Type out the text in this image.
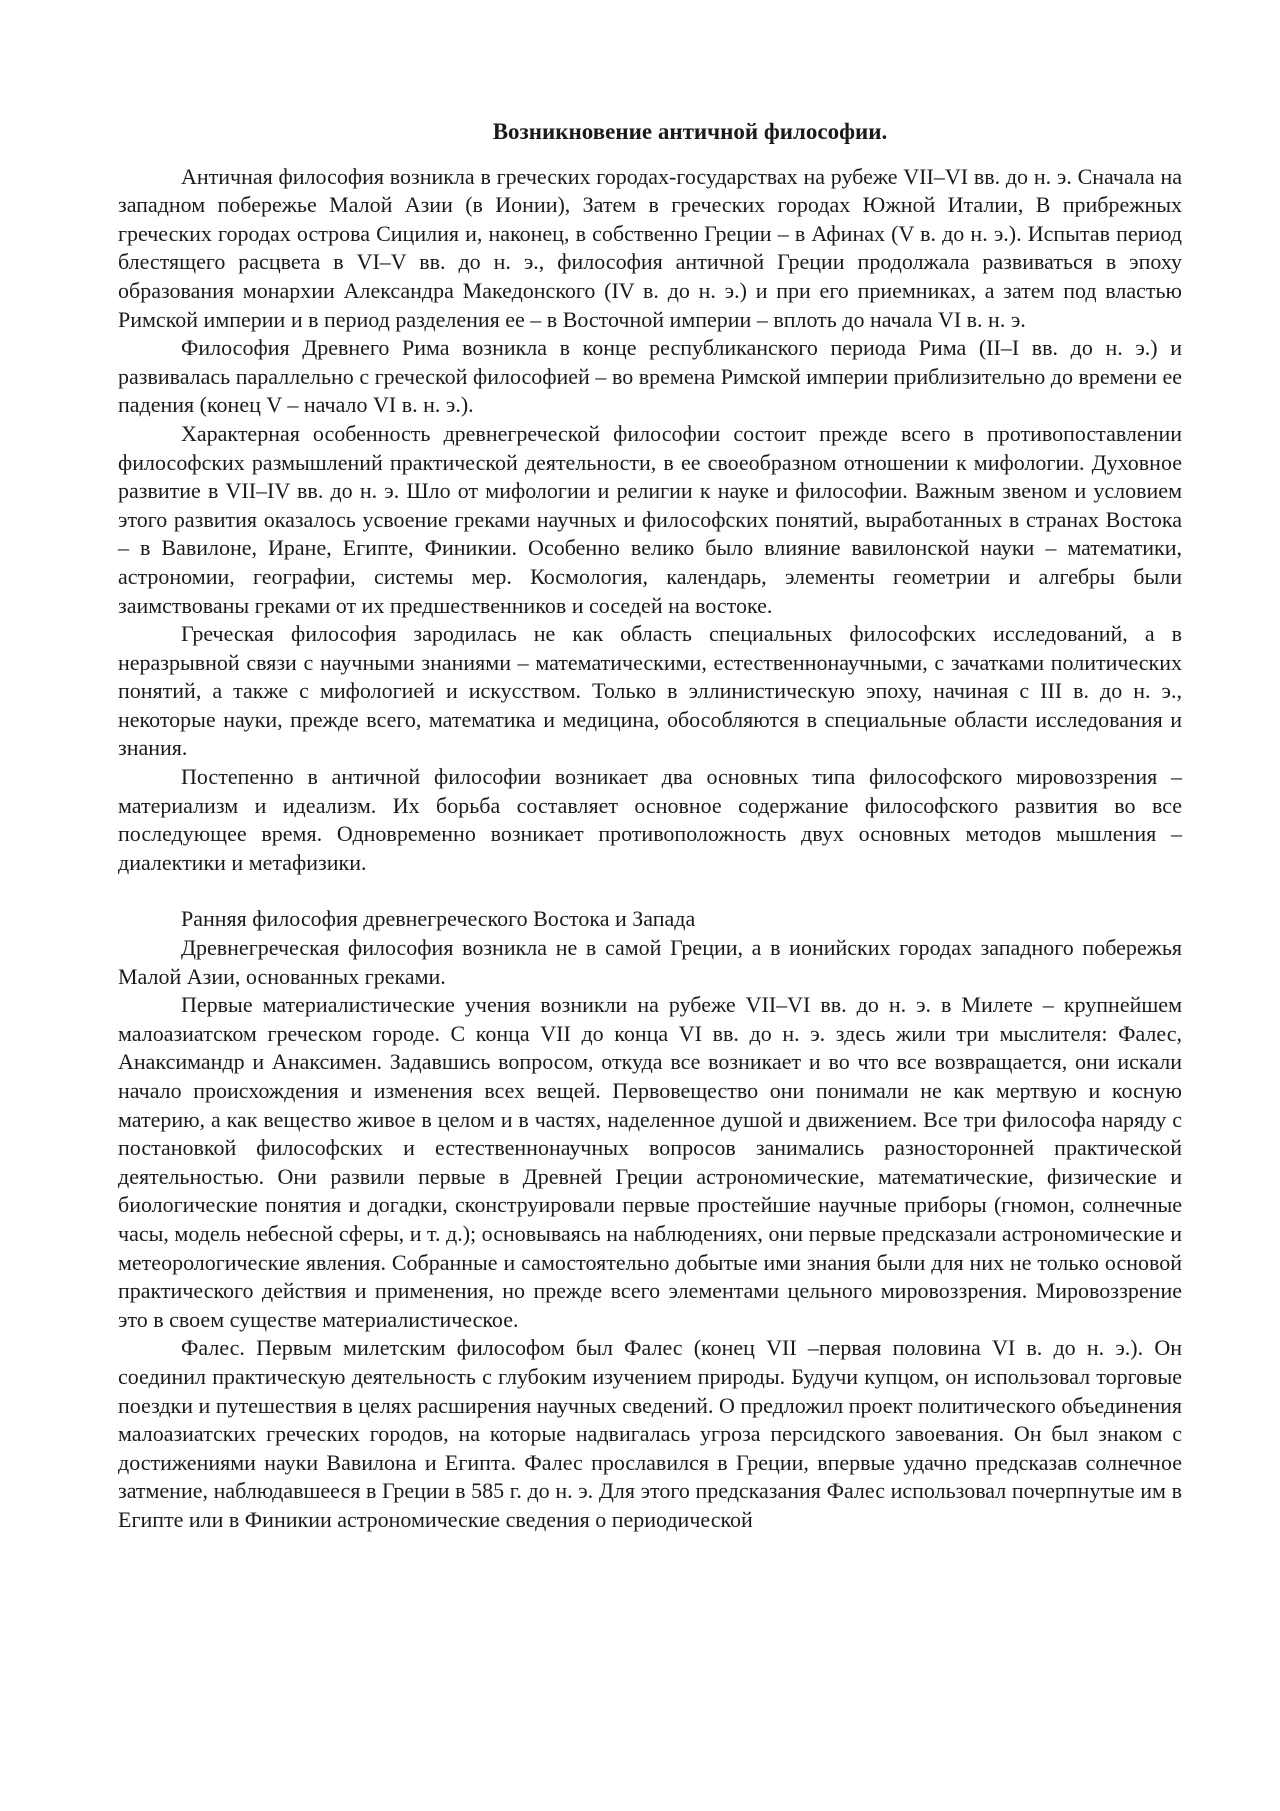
Возникновение античной философии.

Античная философия возникла в греческих городах-государствах на рубеже VII–VI вв. до н. э. Сначала на западном побережье Малой Азии (в Ионии), Затем в греческих городах Южной Италии, В прибрежных греческих городах острова Сицилия и, наконец, в собственно Греции – в Афинах (V в. до н. э.). Испытав период блестящего расцвета в VI–V вв. до н. э., философия античной Греции продолжала развиваться в эпоху образования монархии Александра Македонского (IV в. до н. э.) и при его приемниках, а затем под властью Римской империи и в период разделения ее – в Восточной империи – вплоть до начала VI в. н. э.

Философия Древнего Рима возникла в конце республиканского периода Рима (II–I вв. до н. э.) и развивалась параллельно с греческой философией – во времена Римской империи приблизительно до времени ее падения (конец V – начало VI в. н. э.).

Характерная особенность древнегреческой философии состоит прежде всего в противопоставлении философских размышлений практической деятельности, в ее своеобразном отношении к мифологии. Духовное развитие в VII–IV вв. до н. э. Шло от мифологии и религии к науке и философии. Важным звеном и условием этого развития оказалось усвоение греками научных и философских понятий, выработанных в странах Востока – в Вавилоне, Иране, Египте, Финикии. Особенно велико было влияние вавилонской науки – математики, астрономии, географии, системы мер. Космология, календарь, элементы геометрии и алгебры были заимствованы греками от их предшественников и соседей на востоке.

Греческая философия зародилась не как область специальных философских исследований, а в неразрывной связи с научными знаниями – математическими, естественнонаучными, с зачатками политических понятий, а также с мифологией и искусством. Только в эллинистическую эпоху, начиная с III в. до н. э., некоторые науки, прежде всего, математика и медицина, обособляются в специальные области исследования и знания.

Постепенно в античной философии возникает два основных типа философского мировоззрения – материализм и идеализм. Их борьба составляет основное содержание философского развития во все последующее время. Одновременно возникает противоположность двух основных методов мышления – диалектики и метафизики.

Ранняя философия древнегреческого Востока и Запада

Древнегреческая философия возникла не в самой Греции, а в ионийских городах западного побережья Малой Азии, основанных греками.

Первые материалистические учения возникли на рубеже VII–VI вв. до н. э. в Милете – крупнейшем малоазиатском греческом городе. С конца VII до конца VI вв. до н. э. здесь жили три мыслителя: Фалес, Анаксимандр и Анаксимен. Задавшись вопросом, откуда все возникает и во что все возвращается, они искали начало происхождения и изменения всех вещей. Первовещество они понимали не как мертвую и косную материю, а как вещество живое в целом и в частях, наделенное душой и движением. Все три философа наряду с постановкой философских и естественнонаучных вопросов занимались разносторонней практической деятельностью. Они развили первые в Древней Греции астрономические, математические, физические и биологические понятия и догадки, сконструировали первые простейшие научные приборы (гномон, солнечные часы, модель небесной сферы, и т. д.); основываясь на наблюдениях, они первые предсказали астрономические и метеорологические явления. Собранные и самостоятельно добытые ими знания были для них не только основой практического действия и применения, но прежде всего элементами цельного мировоззрения. Мировоззрение это в своем существе материалистическое.

Фалес. Первым милетским философом был Фалес (конец VII –первая половина VI в. до н. э.). Он соединил практическую деятельность с глубоким изучением природы. Будучи купцом, он использовал торговые поездки и путешествия в целях расширения научных сведений. О предложил проект политического объединения малоазиатских греческих городов, на которые надвигалась угроза персидского завоевания. Он был знаком с достижениями науки Вавилона и Египта. Фалес прославился в Греции, впервые удачно предсказав солнечное затмение, наблюдавшееся в Греции в 585 г. до н. э. Для этого предсказания Фалес использовал почерпнутые им в Египте или в Финикии астрономические сведения о периодической
